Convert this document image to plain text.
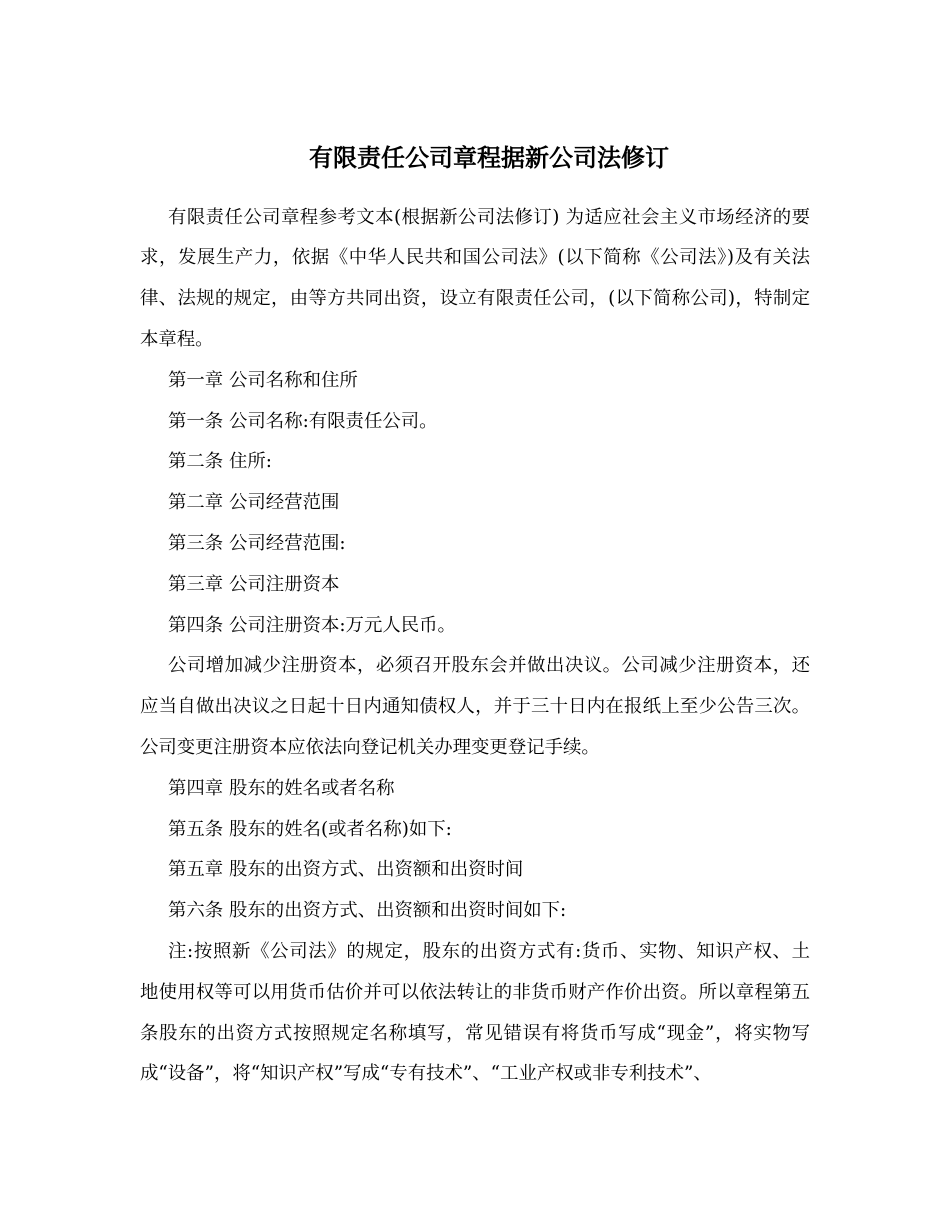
有限责任公司章程据新公司法修订
有限责任公司章程参考文本(根据新公司法修订) 为适应社会主义市场经济的要
求，发展生产力，依据《中华人民共和国公司法》(以下简称《公司法》)及有关法
律、法规的规定，由等方共同出资，设立有限责任公司，(以下简称公司)，特制定
本章程。
第一章 公司名称和住所
第一条 公司名称:有限责任公司。
第二条 住所:
第二章 公司经营范围
第三条 公司经营范围:
第三章 公司注册资本
第四条 公司注册资本:万元人民币。
公司增加减少注册资本，必须召开股东会并做出决议。公司减少注册资本，还
应当自做出决议之日起十日内通知债权人，并于三十日内在报纸上至少公告三次。
公司变更注册资本应依法向登记机关办理变更登记手续。
第四章 股东的姓名或者名称
第五条 股东的姓名(或者名称)如下:
第五章 股东的出资方式、出资额和出资时间
第六条 股东的出资方式、出资额和出资时间如下:
注:按照新《公司法》的规定，股东的出资方式有:货币、实物、知识产权、土
地使用权等可以用货币估价并可以依法转让的非货币财产作价出资。所以章程第五
条股东的出资方式按照规定名称填写，常见错误有将货币写成“现金”，将实物写
成“设备”，将“知识产权”写成“专有技术”、“工业产权或非专利技术”、
